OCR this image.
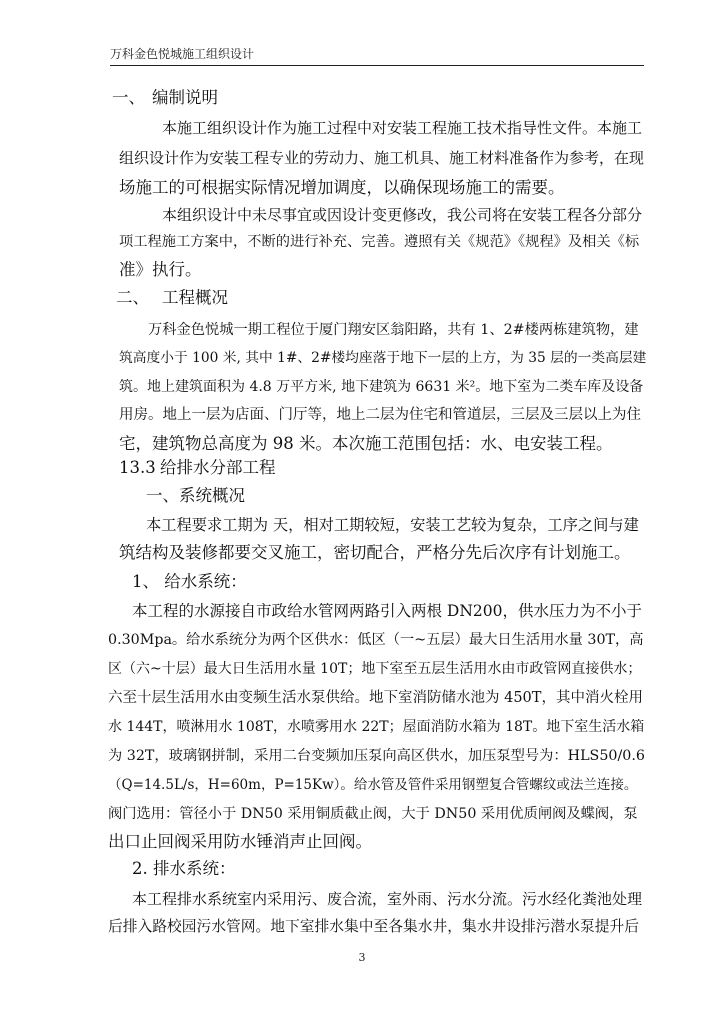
万科金色悦城施工组织设计
一、 编制说明
本施工组织设计作为施工过程中对安装工程施工技术指导性文件。本施工
组织设计作为安装工程专业的劳动力、施工机具、施工材料准备作为参考，在现
场施工的可根据实际情况增加调度，以确保现场施工的需要。
本组织设计中未尽事宜或因设计变更修改，我公司将在安装工程各分部分
项工程施工方案中，不断的进行补充、完善。遵照有关《规范》《规程》及相关《标
准》执行。
二、 工程概况
万科金色悦城一期工程位于厦门翔安区翁阳路，共有 1、2#楼两栋建筑物，建
筑高度小于 100 米, 其中 1#、2#楼均座落于地下一层的上方，为 35 层的一类高层建
筑。地上建筑面积为 4.8 万平方米, 地下建筑为 6631 米²。地下室为二类车库及设备
用房。地上一层为店面、门厅等，地上二层为住宅和管道层，三层及三层以上为住
宅，建筑物总高度为 98 米。本次施工范围包括：水、电安装工程。
13.3 给排水分部工程
一、系统概况
本工程要求工期为 天，相对工期较短，安装工艺较为复杂，工序之间与建
筑结构及装修都要交叉施工，密切配合，严格分先后次序有计划施工。
1、 给水系统：
本工程的水源接自市政给水管网两路引入两根 DN200，供水压力为不小于
0.30Mpa。给水系统分为两个区供水：低区（一~五层）最大日生活用水量 30T，高
区（六~十层）最大日生活用水量 10T；地下室至五层生活用水由市政管网直接供水；
六至十层生活用水由变频生活水泵供给。地下室消防储水池为 450T，其中消火栓用
水 144T，喷淋用水 108T，水喷雾用水 22T；屋面消防水箱为 18T。地下室生活水箱
为 32T，玻璃钢拼制，采用二台变频加压泵向高区供水，加压泵型号为：HLS50/0.6
（Q=14.5L/s，H=60m，P=15Kw）。给水管及管件采用钢塑复合管螺纹或法兰连接。
阀门选用：管径小于 DN50 采用铜质截止阀，大于 DN50 采用优质闸阀及蝶阀，泵
出口止回阀采用防水锤消声止回阀。
2. 排水系统：
本工程排水系统室内采用污、废合流，室外雨、污水分流。污水经化粪池处理
后排入路校园污水管网。地下室排水集中至各集水井，集水井设排污潜水泵提升后
3
